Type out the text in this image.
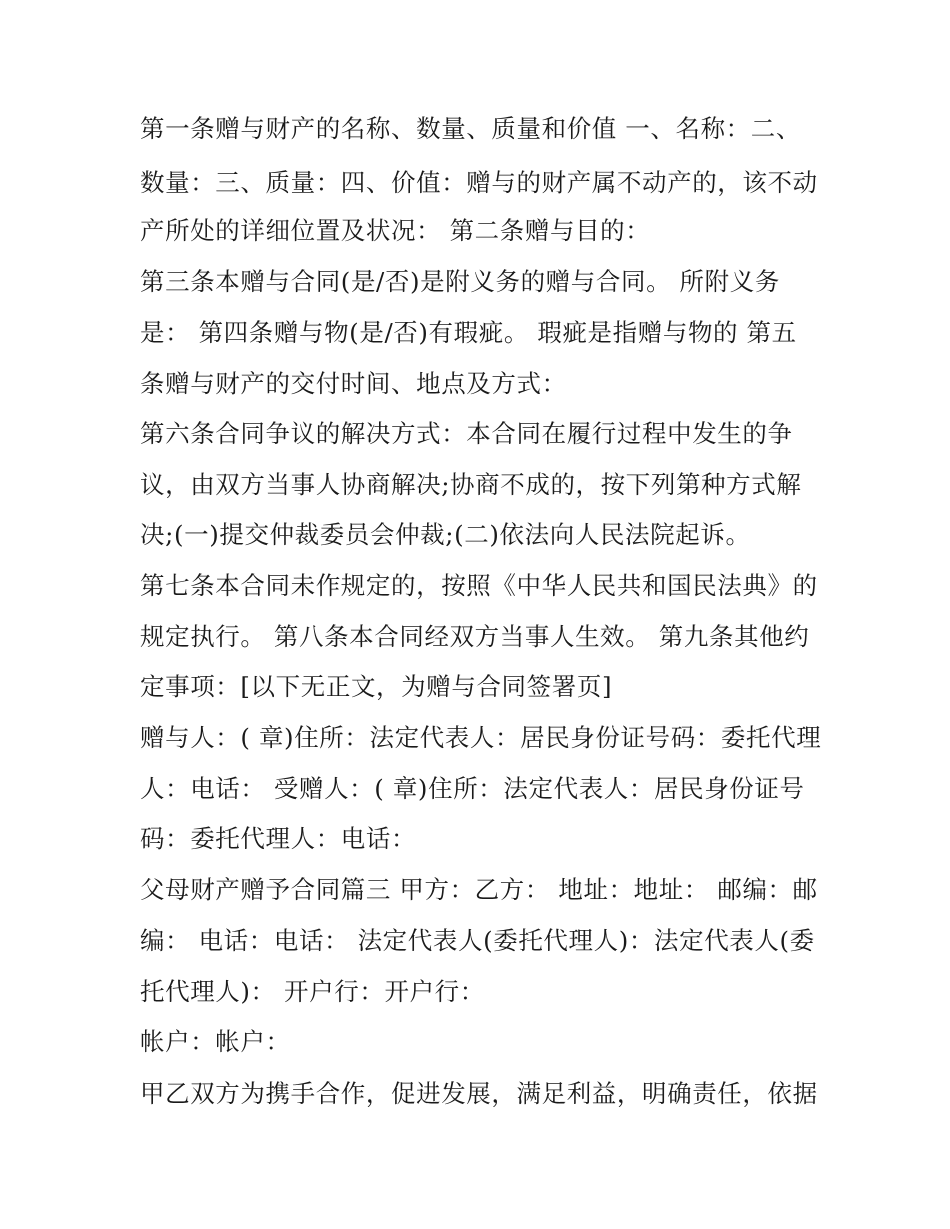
第一条赠与财产的名称、数量、质量和价值 一、名称：二、
数量：三、质量：四、价值：赠与的财产属不动产的，该不动
产所处的详细位置及状况： 第二条赠与目的：
第三条本赠与合同(是/否)是附义务的赠与合同。 所附义务
是： 第四条赠与物(是/否)有瑕疵。 瑕疵是指赠与物的 第五
条赠与财产的交付时间、地点及方式：
第六条合同争议的解决方式：本合同在履行过程中发生的争
议，由双方当事人协商解决;协商不成的，按下列第种方式解
决;(一)提交仲裁委员会仲裁;(二)依法向人民法院起诉。
第七条本合同未作规定的，按照《中华人民共和国民法典》的
规定执行。 第八条本合同经双方当事人生效。 第九条其他约
定事项：[以下无正文，为赠与合同签署页]
赠与人：( 章)住所：法定代表人：居民身份证号码：委托代理
人：电话： 受赠人：( 章)住所：法定代表人：居民身份证号
码：委托代理人：电话：
父母财产赠予合同篇三 甲方：乙方： 地址：地址： 邮编：邮
编： 电话：电话： 法定代表人(委托代理人)：法定代表人(委
托代理人)： 开户行：开户行：
帐户：帐户：
甲乙双方为携手合作，促进发展，满足利益，明确责任，依据
